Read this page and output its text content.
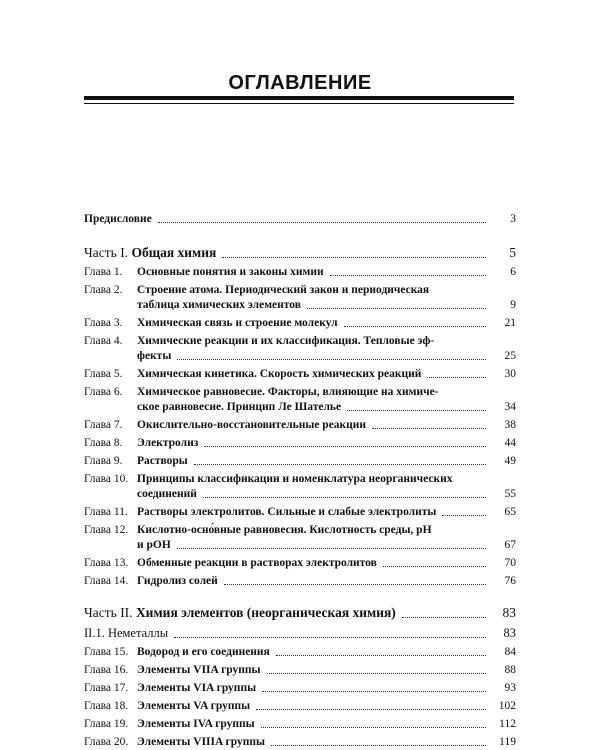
ОГЛАВЛЕНИЕ
Предисловие	3
Часть I. Общая химия	5
Глава 1. Основные понятия и законы химии	6
Глава 2. Строение атома. Периодический закон и периодическая
таблица химических элементов	9
Глава 3. Химическая связь и строение молекул	21
Глава 4. Химические реакции и их классификация. Тепловые эф-
фекты	25
Глава 5. Химическая кинетика. Скорость химических реакций	30
Глава 6. Химическое равновесие. Факторы, влияющие на химиче-
ское равновесие. Принцип Ле Шателье	34
Глава 7. Окислительно-восстановительные реакции	38
Глава 8. Электролиз	44
Глава 9. Растворы	49
Глава 10. Принципы классификации и номенклатура неорганических
соединений	55
Глава 11. Растворы электролитов. Сильные и слабые электролиты	65
Глава 12. Кислотно-осно́вные равновесия. Кислотность среды, pH
и pOH	67
Глава 13. Обменные реакции в растворах электролитов	70
Глава 14. Гидролиз солей	76
Часть II. Химия элементов (неорганическая химия)	83
II.1. Неметаллы	83
Глава 15. Водород и его соединения	84
Глава 16. Элементы VIIA группы	88
Глава 17. Элементы VIA группы	93
Глава 18. Элементы VA группы	102
Глава 19. Элементы IVA группы	112
Глава 20. Элементы VIIIA группы	119
